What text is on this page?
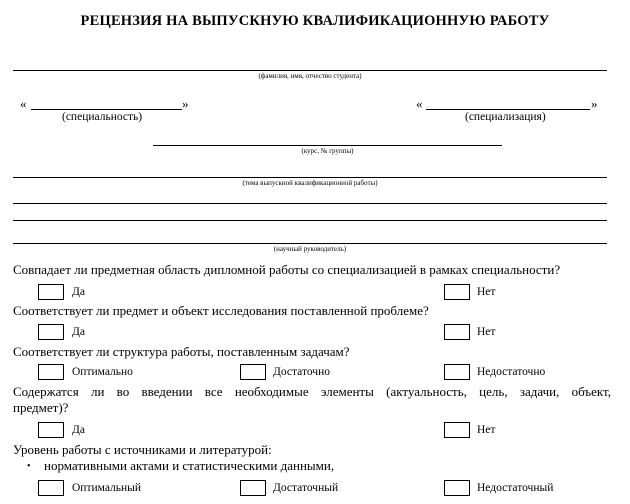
РЕЦЕНЗИЯ НА ВЫПУСКНУЮ КВАЛИФИКАЦИОННУЮ РАБОТУ
(фамилия, имя, отчество студента)
«	»
(специальность)
«	»
(специализация)
(курс, № группы)
(тема выпускной квалификационной работы)
(научный руководитель)
Совпадает ли предметная область дипломной работы со специализацией в рамках специальности?
Да	Нет
Соответствует ли предмет и объект исследования поставленной проблеме?
Да	Нет
Соответствует ли структура работы, поставленным задачам?
Оптимально	Достаточно	Недостаточно
Содержатся ли во введении все необходимые элементы (актуальность, цель, задачи, объект,
предмет)?
Да	Нет
Уровень работы с источниками и литературой:
• нормативными актами и статистическими данными,
Оптимальный	Достаточный	Недостаточный
